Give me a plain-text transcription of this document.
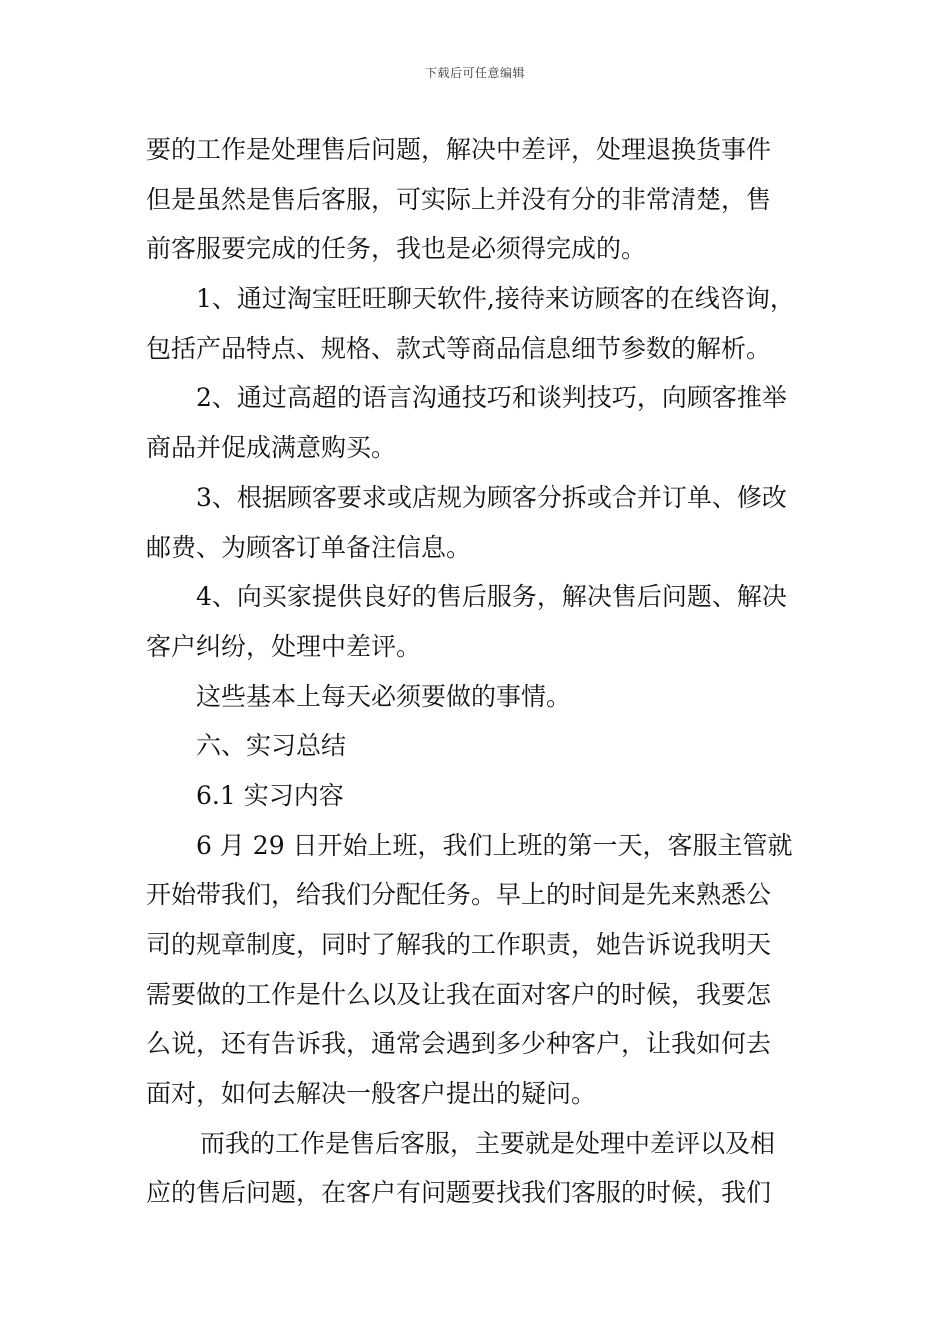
下载后可任意编辑
要的工作是处理售后问题，解决中差评，处理退换货事件
但是虽然是售后客服，可实际上并没有分的非常清楚，售
前客服要完成的任务，我也是必须得完成的。
1、通过淘宝旺旺聊天软件,接待来访顾客的在线咨询，
包括产品特点、规格、款式等商品信息细节参数的解析。
2、通过高超的语言沟通技巧和谈判技巧，向顾客推举
商品并促成满意购买。
3、根据顾客要求或店规为顾客分拆或合并订单、修改
邮费、为顾客订单备注信息。
4、向买家提供良好的售后服务，解决售后问题、解决
客户纠纷，处理中差评。
这些基本上每天必须要做的事情。
六、实习总结
6.1 实习内容
6 月 29 日开始上班，我们上班的第一天，客服主管就
开始带我们，给我们分配任务。早上的时间是先来熟悉公
司的规章制度，同时了解我的工作职责，她告诉说我明天
需要做的工作是什么以及让我在面对客户的时候，我要怎
么说，还有告诉我，通常会遇到多少种客户，让我如何去
面对，如何去解决一般客户提出的疑问。
而我的工作是售后客服，主要就是处理中差评以及相
应的售后问题，在客户有问题要找我们客服的时候，我们
